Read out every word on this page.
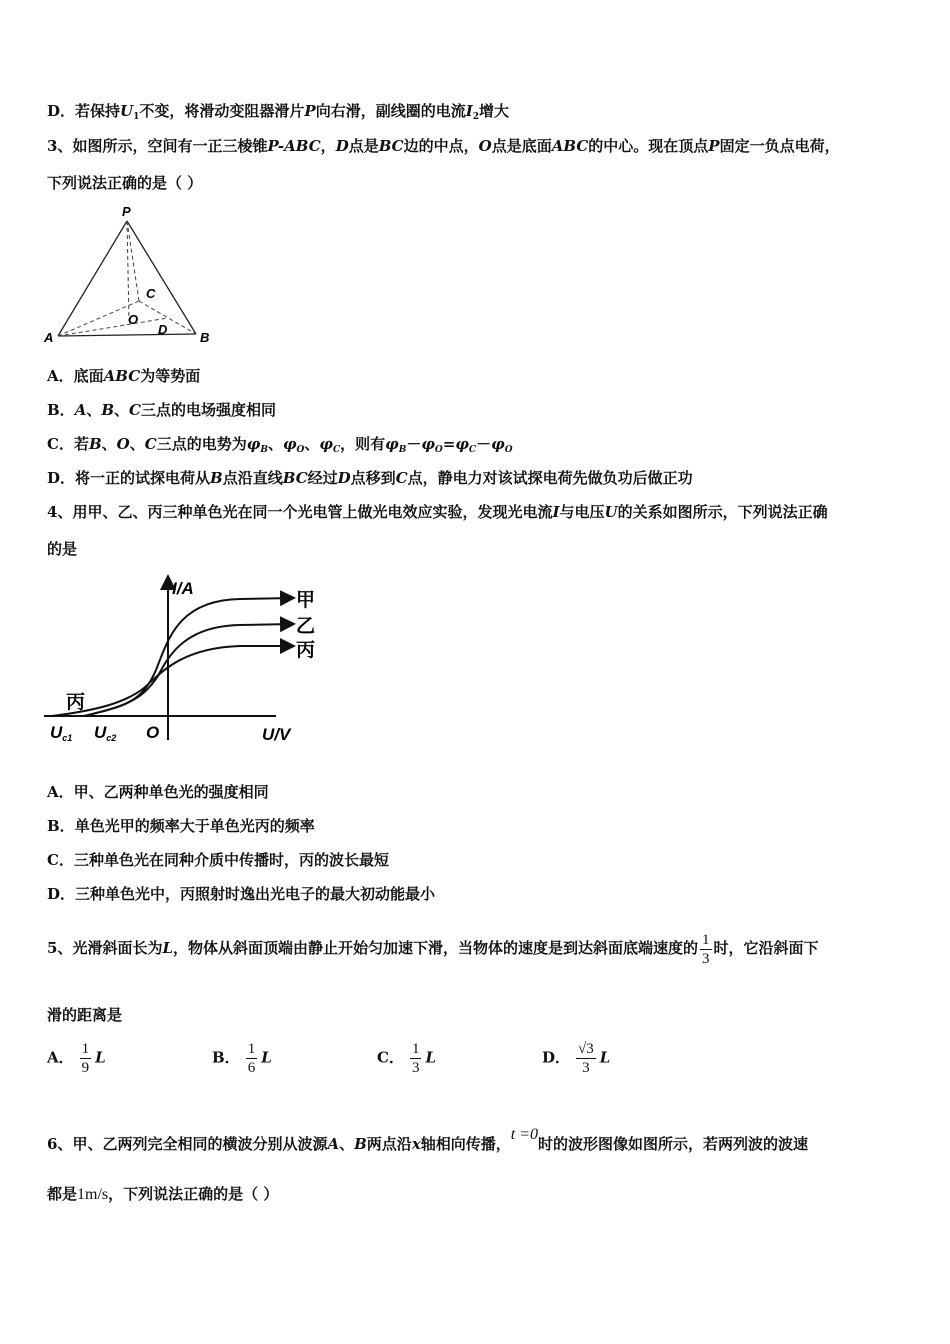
D．若保持$U_1$不变，将滑动变阻器滑片P向右滑，副线圈的电流$I_2$增大
3、如图所示，空间有一正三棱锥P-ABC，D点是BC边的中点，O点是底面ABC的中心。现在顶点P固定一负点电荷，
下列说法正确的是（ ）
P
A	B
C
O
D
A．底面ABC为等势面
B．A、B、C三点的电场强度相同
C．若B、O、C三点的电势为$\varphi_B$、$\varphi_O$、$\varphi_C$，则有$\varphi_B-\varphi_O=\varphi_C-\varphi_O$
D．将一正的试探电荷从B点沿直线BC经过D点移到C点，静电力对该试探电荷先做负功后做正功
4、用甲、乙、丙三种单色光在同一个光电管上做光电效应实验，发现光电流I与电压U的关系如图所示，下列说法正确
的是
I/A
U/V
O
Uc1 Uc2
甲
乙
丙
丙
A．甲、乙两种单色光的强度相同
B．单色光甲的频率大于单色光丙的频率
C．三种单色光在同种介质中传播时，丙的波长最短
D．三种单色光中，丙照射时逸出光电子的最大初动能最小
5、光滑斜面长为L，物体从斜面顶端由静止开始匀加速下滑，当物体的速度是到达斜面底端速度的 $\frac{1}{3}$ 时，它沿斜面下
滑的距离是
A． $\frac{1}{9}$ L	B． $\frac{1}{6}$ L	C． $\frac{1}{3}$ L	D． $\frac{√3}{3}$ L
6、甲、乙两列完全相同的横波分别从波源A、B两点沿x轴相向传播，t =0时的波形图像如图所示，若两列波的波速
都是1m/s，下列说法正确的是（ ）
